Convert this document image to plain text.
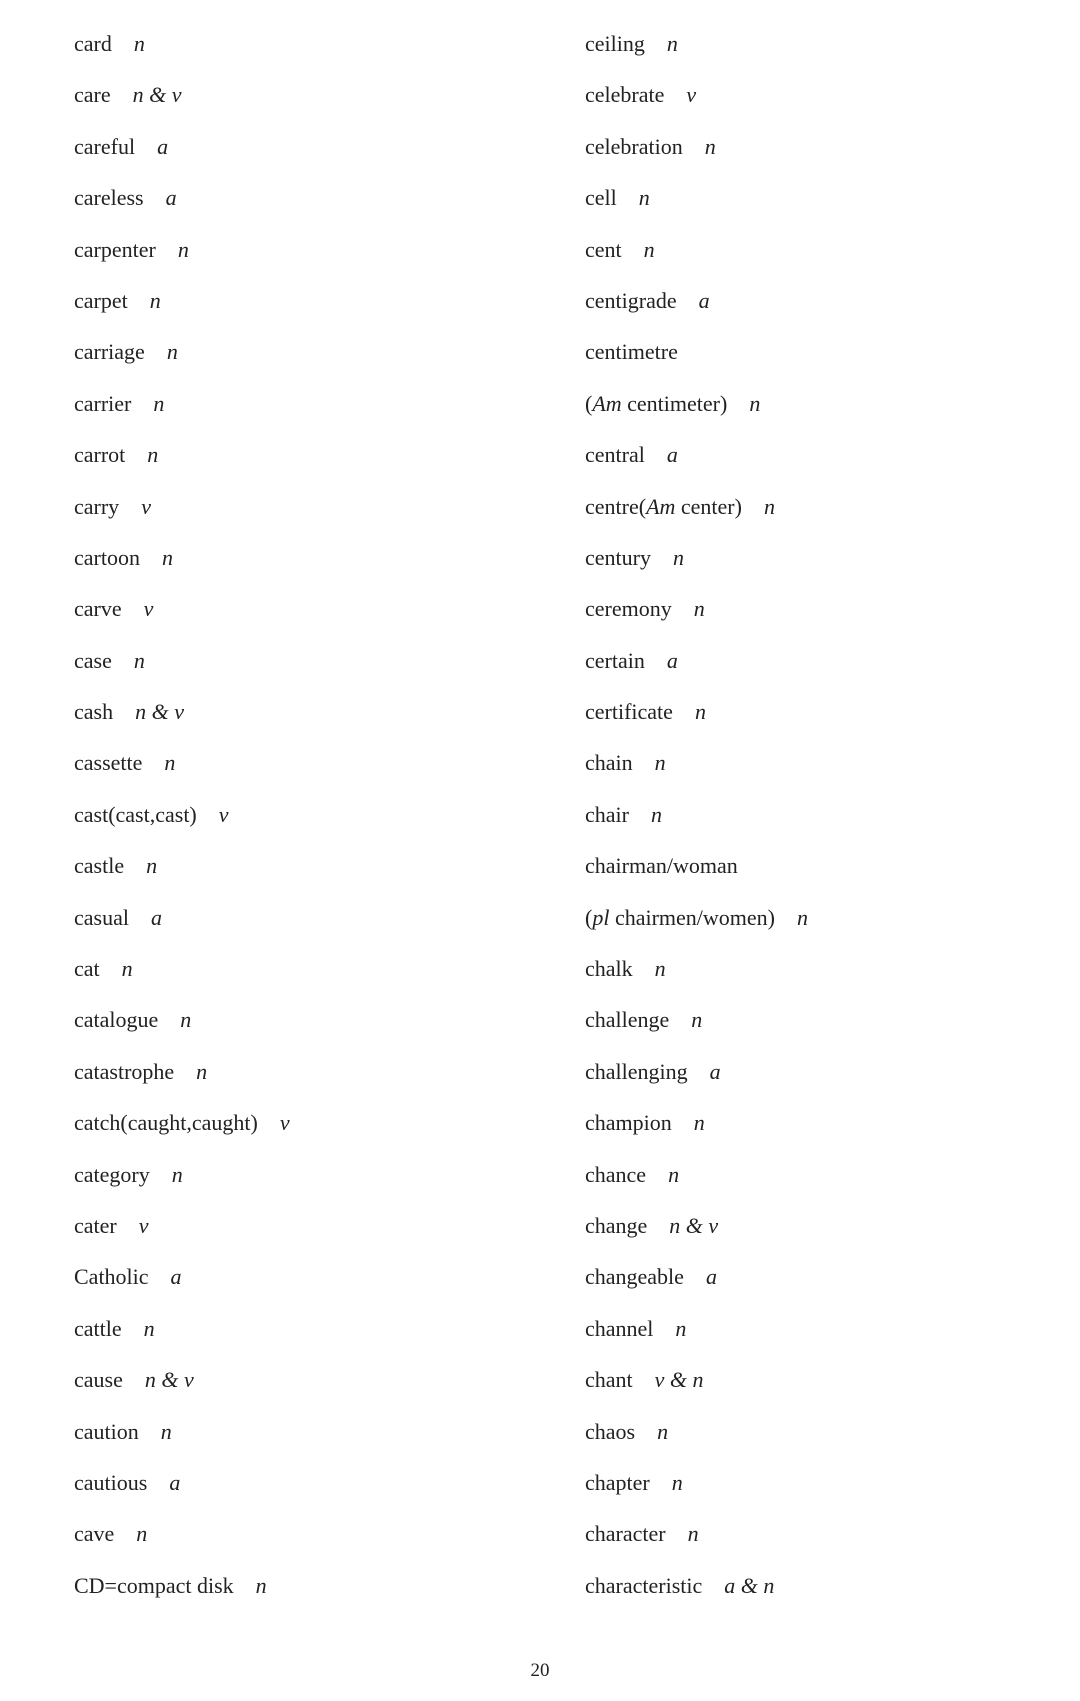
card n
care n & v
careful a
careless a
carpenter n
carpet n
carriage n
carrier n
carrot n
carry v
cartoon n
carve v
case n
cash n & v
cassette n
cast(cast,cast) v
castle n
casual a
cat n
catalogue n
catastrophe n
catch(caught,caught) v
category n
cater v
Catholic a
cattle n
cause n & v
caution n
cautious a
cave n
CD=compact disk n
ceiling n
celebrate v
celebration n
cell n
cent n
centigrade a
centimetre
(Am centimeter) n
central a
centre(Am center) n
century n
ceremony n
certain a
certificate n
chain n
chair n
chairman/woman
(pl chairmen/women) n
chalk n
challenge n
challenging a
champion n
chance n
change n & v
changeable a
channel n
chant v & n
chaos n
chapter n
character n
characteristic a & n
20
